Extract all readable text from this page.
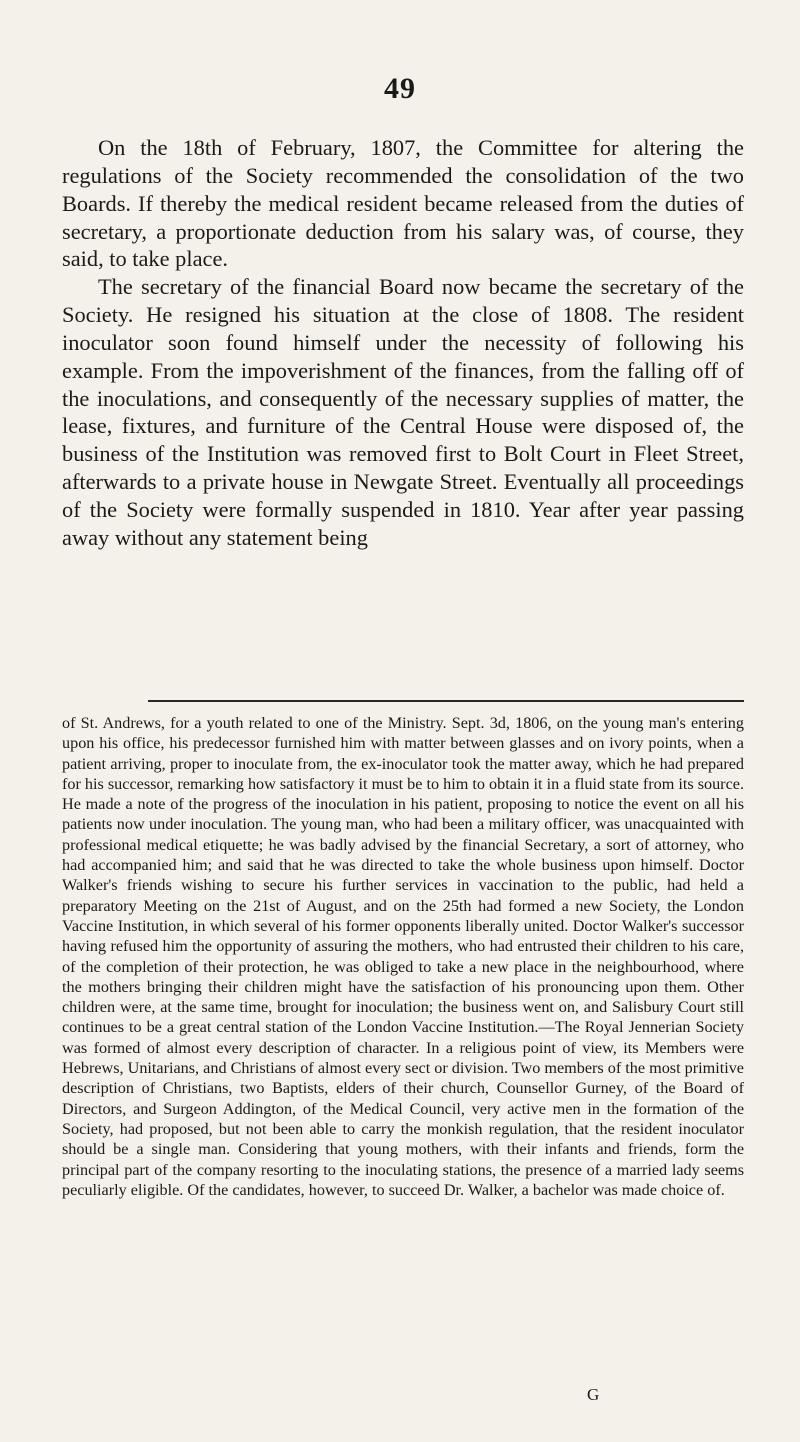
49

On the 18th of February, 1807, the Committee for altering the regulations of the Society recommended the consolidation of the two Boards. If thereby the medical resident became released from the duties of secretary, a proportionate deduction from his salary was, of course, they said, to take place.

The secretary of the financial Board now became the secretary of the Society. He resigned his situation at the close of 1808. The resident inoculator soon found himself under the necessity of following his example. From the impoverishment of the finances, from the falling off of the inoculations, and consequently of the necessary supplies of matter, the lease, fixtures, and furniture of the Central House were disposed of, the business of the Institution was removed first to Bolt Court in Fleet Street, afterwards to a private house in Newgate Street. Eventually all proceedings of the Society were formally suspended in 1810. Year after year passing away without any statement being

of St. Andrews, for a youth related to one of the Ministry. Sept. 3d, 1806, on the young man's entering upon his office, his predecessor furnished him with matter between glasses and on ivory points, when a patient arriving, proper to inoculate from, the ex-inoculator took the matter away, which he had prepared for his successor, remarking how satisfactory it must be to him to obtain it in a fluid state from its source. He made a note of the progress of the inoculation in his patient, proposing to notice the event on all his patients now under inoculation. The young man, who had been a military officer, was unacquainted with professional medical etiquette; he was badly advised by the financial Secretary, a sort of attorney, who had accompanied him; and said that he was directed to take the whole business upon himself. Doctor Walker's friends wishing to secure his further services in vaccination to the public, had held a preparatory Meeting on the 21st of August, and on the 25th had formed a new Society, the London Vaccine Institution, in which several of his former opponents liberally united. Doctor Walker's successor having refused him the opportunity of assuring the mothers, who had entrusted their children to his care, of the completion of their protection, he was obliged to take a new place in the neighbourhood, where the mothers bringing their children might have the satisfaction of his pronouncing upon them. Other children were, at the same time, brought for inoculation; the business went on, and Salisbury Court still continues to be a great central station of the London Vaccine Institution.—The Royal Jennerian Society was formed of almost every description of character. In a religious point of view, its Members were Hebrews, Unitarians, and Christians of almost every sect or division. Two members of the most primitive description of Christians, two Baptists, elders of their church, Counsellor Gurney, of the Board of Directors, and Surgeon Addington, of the Medical Council, very active men in the formation of the Society, had proposed, but not been able to carry the monkish regulation, that the resident inoculator should be a single man. Considering that young mothers, with their infants and friends, form the principal part of the company resorting to the inoculating stations, the presence of a married lady seems peculiarly eligible. Of the candidates, however, to succeed Dr. Walker, a bachelor was made choice of.

G
